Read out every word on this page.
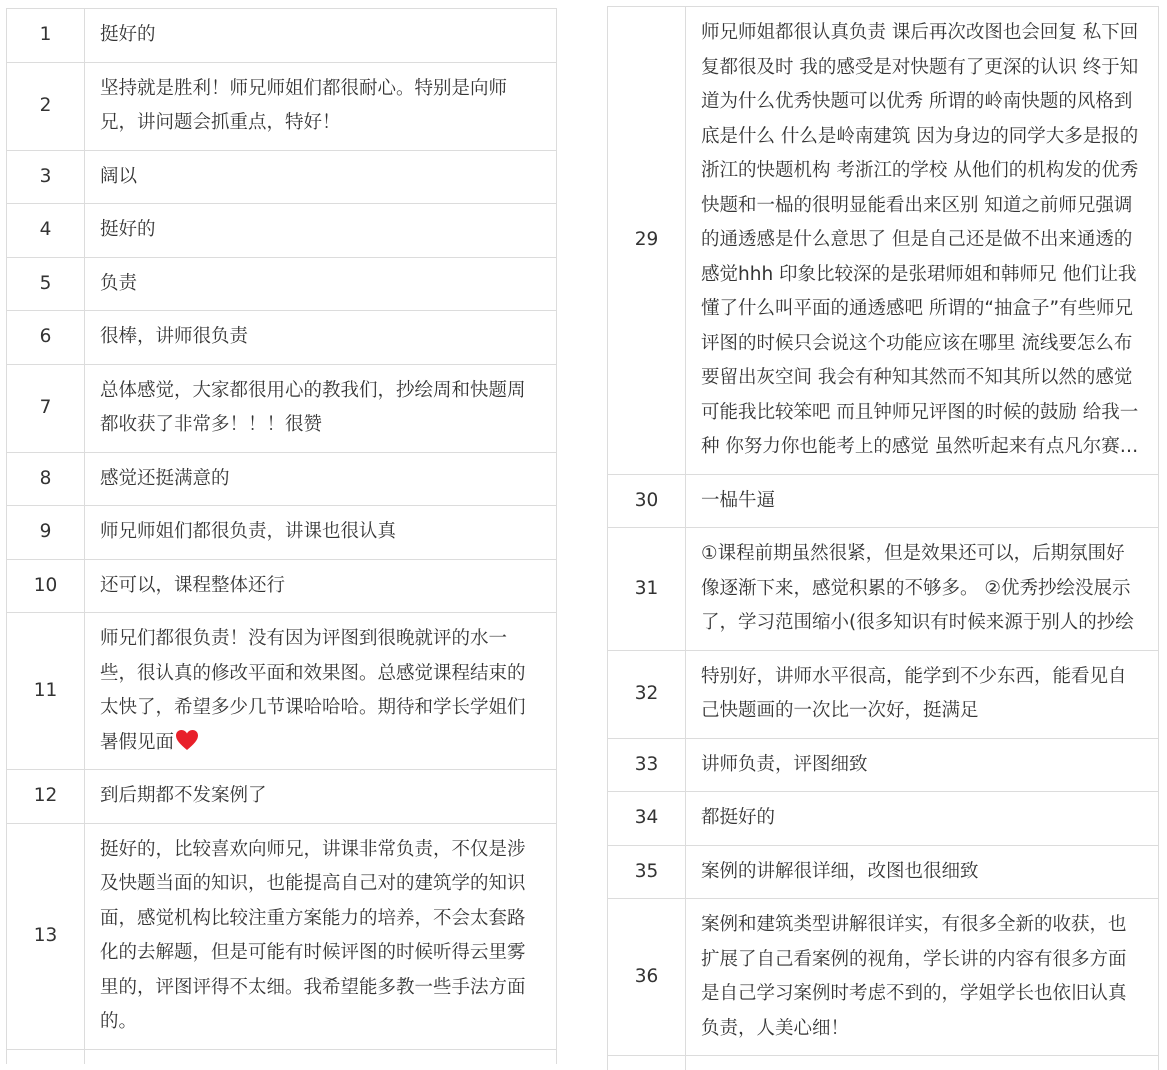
1	挺好的
2	坚持就是胜利！师兄师姐们都很耐心。特别是向师兄，讲问题会抓重点，特好！
3	阔以
4	挺好的
5	负责
6	很棒，讲师很负责
7	总体感觉，大家都很用心的教我们，抄绘周和快题周都收获了非常多！！！很赞
8	感觉还挺满意的
9	师兄师姐们都很负责，讲课也很认真
10	还可以，课程整体还行
11	师兄们都很负责！没有因为评图到很晚就评的水一些，很认真的修改平面和效果图。总感觉课程结束的太快了，希望多少几节课哈哈哈。期待和学长学姐们暑假见面
12	到后期都不发案例了
13	挺好的，比较喜欢向师兄，讲课非常负责，不仅是涉及快题当面的知识，也能提高自己对的建筑学的知识面，感觉机构比较注重方案能力的培养，不会太套路化的去解题，但是可能有时候评图的时候听得云里雾里的，评图评得不太细。我希望能多教一些手法方面的。

29	师兄师姐都很认真负责 课后再次改图也会回复 私下回复都很及时 我的感受是对快题有了更深的认识 终于知道为什么优秀快题可以优秀 所谓的岭南快题的风格到底是什么 什么是岭南建筑 因为身边的同学大多是报的浙江的快题机构 考浙江的学校 从他们的机构发的优秀快题和一榀的很明显能看出来区别 知道之前师兄强调的通透感是什么意思了 但是自己还是做不出来通透的感觉hhh 印象比较深的是张珺师姐和韩师兄 他们让我懂了什么叫平面的通透感吧 所谓的“抽盒子”有些师兄评图的时候只会说这个功能应该在哪里 流线要怎么布要留出灰空间 我会有种知其然而不知其所以然的感觉 可能我比较笨吧 而且钟师兄评图的时候的鼓励 给我一种 你努力你也能考上的感觉 虽然听起来有点凡尔赛…
30	一榀牛逼
31	①课程前期虽然很紧，但是效果还可以，后期氛围好像逐渐下来，感觉积累的不够多。 ②优秀抄绘没展示了，学习范围缩小(很多知识有时候来源于别人的抄绘
32	特别好，讲师水平很高，能学到不少东西，能看见自己快题画的一次比一次好，挺满足
33	讲师负责，评图细致
34	都挺好的
35	案例的讲解很详细，改图也很细致
36	案例和建筑类型讲解很详实，有很多全新的收获，也扩展了自己看案例的视角，学长讲的内容有很多方面是自己学习案例时考虑不到的，学姐学长也依旧认真负责，人美心细！
